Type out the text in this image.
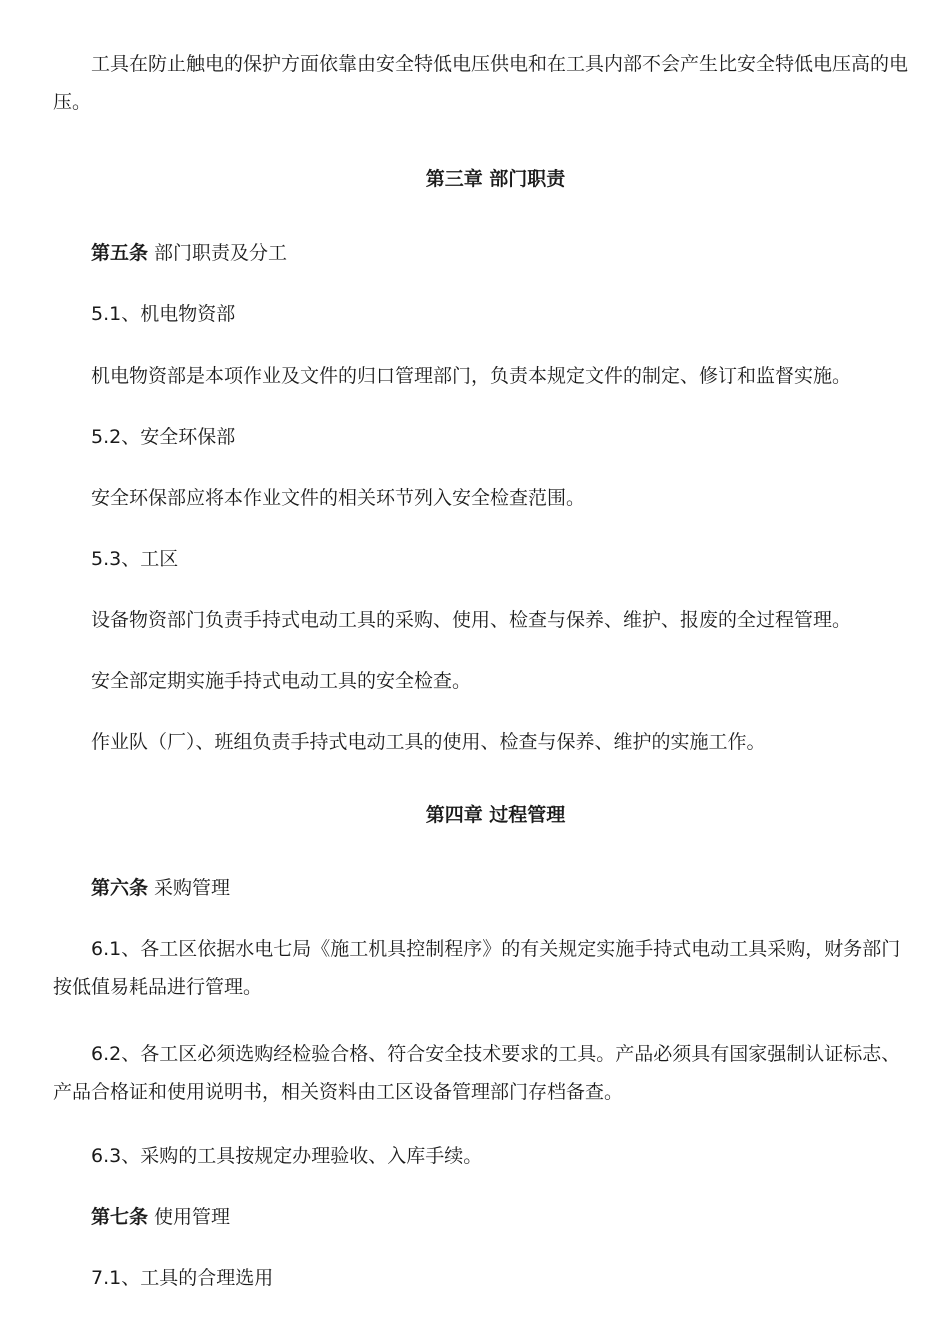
工具在防止触电的保护方面依靠由安全特低电压供电和在工具内部不会产生比安全特低电压高的电压。
第三章 部门职责
第五条 部门职责及分工
5.1、机电物资部
机电物资部是本项作业及文件的归口管理部门，负责本规定文件的制定、修订和监督实施。
5.2、安全环保部
安全环保部应将本作业文件的相关环节列入安全检查范围。
5.3、工区
设备物资部门负责手持式电动工具的采购、使用、检查与保养、维护、报废的全过程管理。
安全部定期实施手持式电动工具的安全检查。
作业队（厂）、班组负责手持式电动工具的使用、检查与保养、维护的实施工作。
第四章 过程管理
第六条 采购管理
6.1、各工区依据水电七局《施工机具控制程序》的有关规定实施手持式电动工具采购，财务部门按低值易耗品进行管理。
6.2、各工区必须选购经检验合格、符合安全技术要求的工具。产品必须具有国家强制认证标志、产品合格证和使用说明书，相关资料由工区设备管理部门存档备查。
6.3、采购的工具按规定办理验收、入库手续。
第七条 使用管理
7.1、工具的合理选用
